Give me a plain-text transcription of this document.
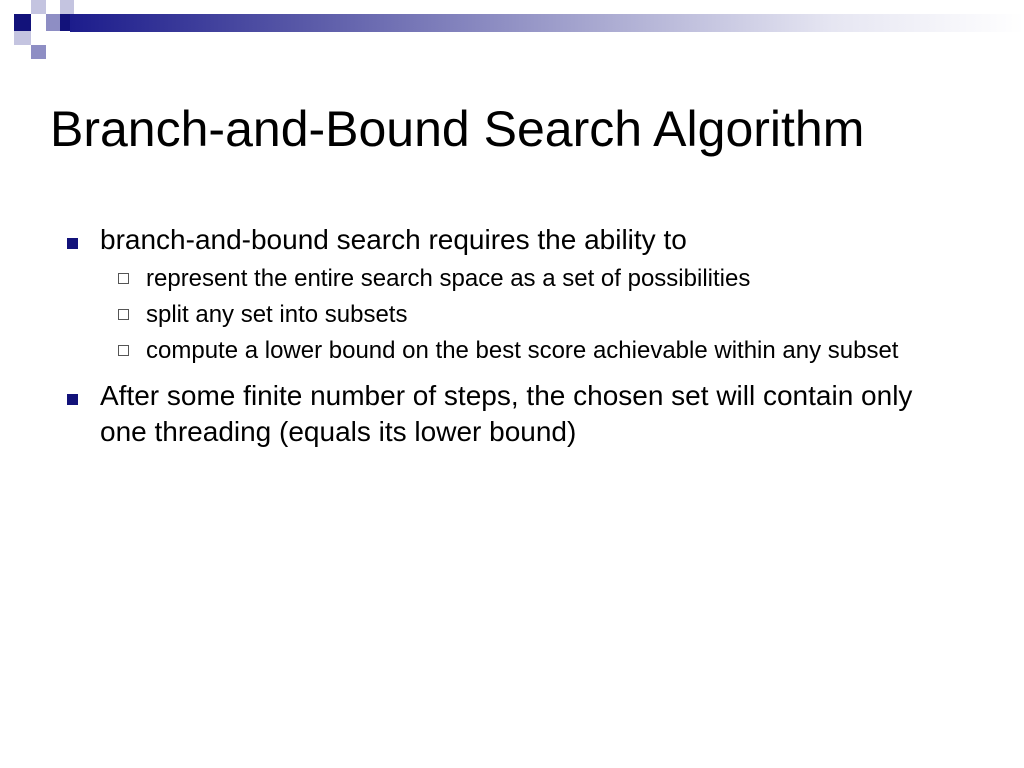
Branch-and-Bound Search Algorithm
branch-and-bound search requires the ability to
represent the entire search space as a set of possibilities
split any set into subsets
compute a lower bound on the best score achievable within any subset
After some finite number of steps, the chosen set will contain only one threading (equals its lower bound)
